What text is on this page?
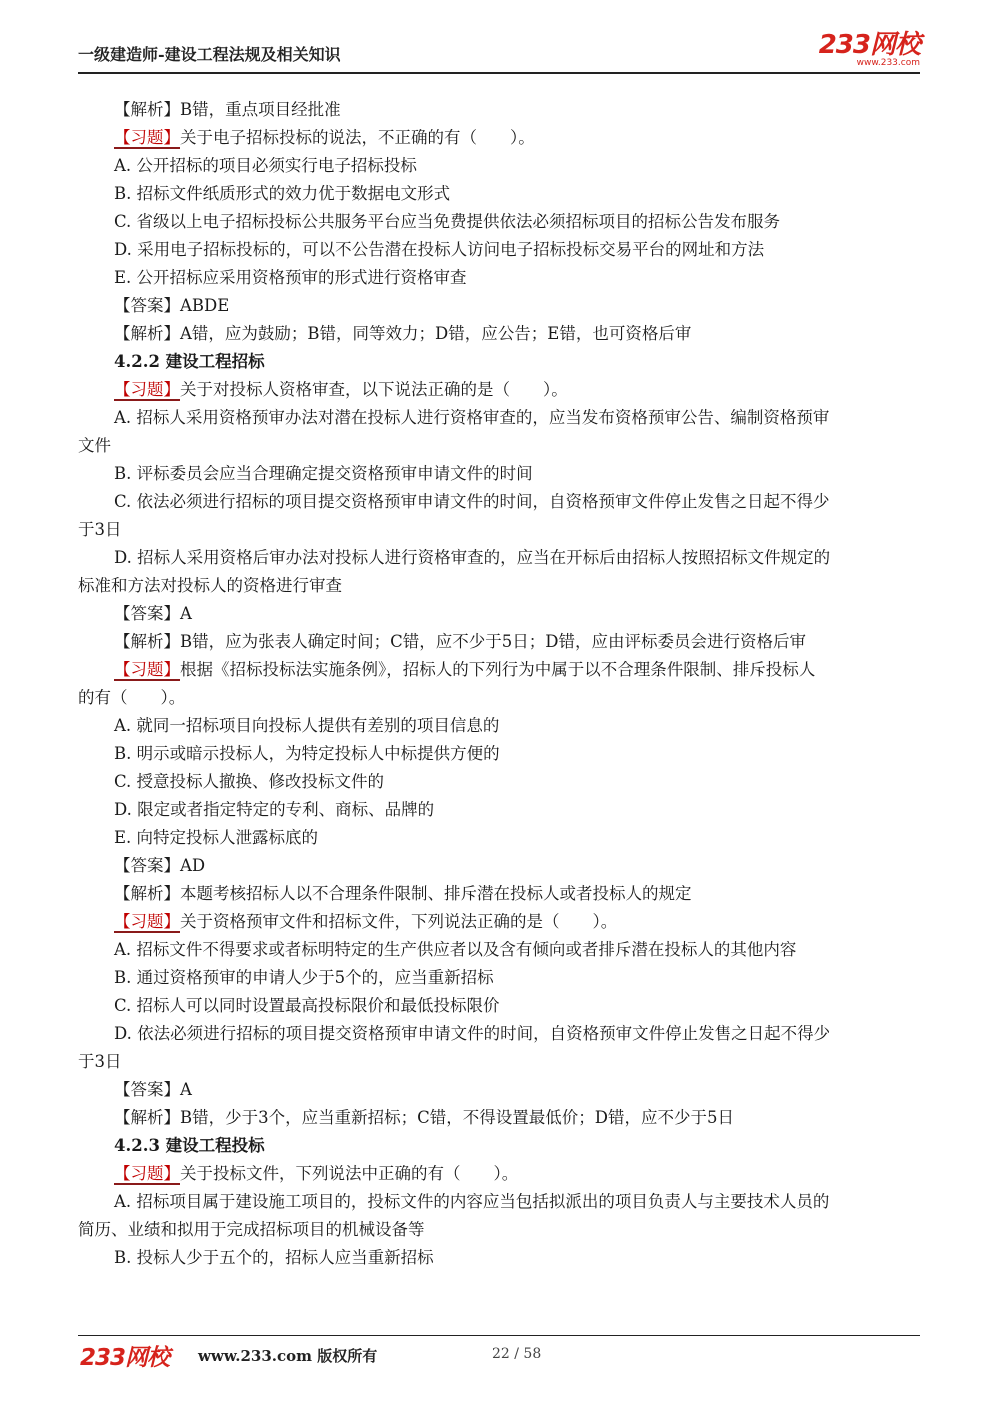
一级建造师-建设工程法规及相关知识	233网校
www.233.com
【解析】B错，重点项目经批准
【习题】关于电子招标投标的说法，不正确的有（　　）。
A. 公开招标的项目必须实行电子招标投标
B. 招标文件纸质形式的效力优于数据电文形式
C. 省级以上电子招标投标公共服务平台应当免费提供依法必须招标项目的招标公告发布服务
D. 采用电子招标投标的，可以不公告潜在投标人访问电子招标投标交易平台的网址和方法
E. 公开招标应采用资格预审的形式进行资格审查
【答案】ABDE
【解析】A错，应为鼓励；B错，同等效力；D错，应公告；E错，也可资格后审
4.2.2 建设工程招标
【习题】关于对投标人资格审查，以下说法正确的是（　　）。
A. 招标人采用资格预审办法对潜在投标人进行资格审查的，应当发布资格预审公告、编制资格预审
文件
B. 评标委员会应当合理确定提交资格预审申请文件的时间
C. 依法必须进行招标的项目提交资格预审申请文件的时间，自资格预审文件停止发售之日起不得少
于3日
D. 招标人采用资格后审办法对投标人进行资格审查的，应当在开标后由招标人按照招标文件规定的
标准和方法对投标人的资格进行审查
【答案】A
【解析】B错，应为张表人确定时间；C错，应不少于5日；D错，应由评标委员会进行资格后审
【习题】根据《招标投标法实施条例》，招标人的下列行为中属于以不合理条件限制、排斥投标人
的有（　　）。
A. 就同一招标项目向投标人提供有差别的项目信息的
B. 明示或暗示投标人，为特定投标人中标提供方便的
C. 授意投标人撤换、修改投标文件的
D. 限定或者指定特定的专利、商标、品牌的
E. 向特定投标人泄露标底的
【答案】AD
【解析】本题考核招标人以不合理条件限制、排斥潜在投标人或者投标人的规定
【习题】关于资格预审文件和招标文件，下列说法正确的是（　　）。
A. 招标文件不得要求或者标明特定的生产供应者以及含有倾向或者排斥潜在投标人的其他内容
B. 通过资格预审的申请人少于5个的，应当重新招标
C. 招标人可以同时设置最高投标限价和最低投标限价
D. 依法必须进行招标的项目提交资格预审申请文件的时间，自资格预审文件停止发售之日起不得少
于3日
【答案】A
【解析】B错，少于3个，应当重新招标；C错，不得设置最低价；D错，应不少于5日
4.2.3 建设工程投标
【习题】关于投标文件，下列说法中正确的有（　　）。
A. 招标项目属于建设施工项目的，投标文件的内容应当包括拟派出的项目负责人与主要技术人员的
简历、业绩和拟用于完成招标项目的机械设备等
B. 投标人少于五个的，招标人应当重新招标
233网校 www.233.com 版权所有	22 / 58
